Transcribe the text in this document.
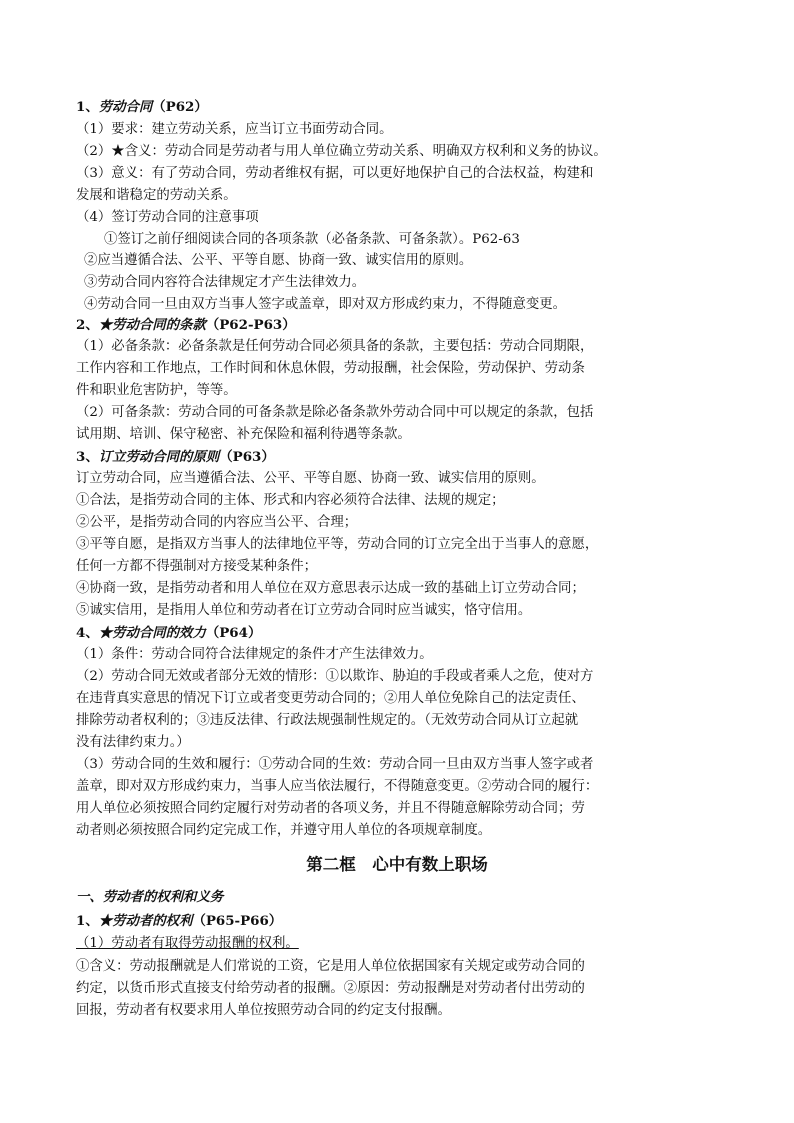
1、劳动合同（P62）
（1）要求：建立劳动关系，应当订立书面劳动合同。
（2）★含义：劳动合同是劳动者与用人单位确立劳动关系、明确双方权利和义务的协议。
（3）意义：有了劳动合同，劳动者维权有据，可以更好地保护自己的合法权益，构建和
发展和谐稳定的劳动关系。
（4）签订劳动合同的注意事项
①签订之前仔细阅读合同的各项条款（必备条款、可备条款）。P62-63
②应当遵循合法、公平、平等自愿、协商一致、诚实信用的原则。
③劳动合同内容符合法律规定才产生法律效力。
④劳动合同一旦由双方当事人签字或盖章，即对双方形成约束力，不得随意变更。
2、★劳动合同的条款（P62-P63）
（1）必备条款：必备条款是任何劳动合同必须具备的条款，主要包括：劳动合同期限，
工作内容和工作地点，工作时间和休息休假，劳动报酬，社会保险，劳动保护、劳动条
件和职业危害防护，等等。
（2）可备条款：劳动合同的可备条款是除必备条款外劳动合同中可以规定的条款，包括
试用期、培训、保守秘密、补充保险和福利待遇等条款。
3、订立劳动合同的原则（P63）
订立劳动合同，应当遵循合法、公平、平等自愿、协商一致、诚实信用的原则。
①合法，是指劳动合同的主体、形式和内容必须符合法律、法规的规定；
②公平，是指劳动合同的内容应当公平、合理；
③平等自愿，是指双方当事人的法律地位平等，劳动合同的订立完全出于当事人的意愿，
任何一方都不得强制对方接受某种条件；
④协商一致，是指劳动者和用人单位在双方意思表示达成一致的基础上订立劳动合同；
⑤诚实信用，是指用人单位和劳动者在订立劳动合同时应当诚实，恪守信用。
4、★劳动合同的效力（P64）
（1）条件：劳动合同符合法律规定的条件才产生法律效力。
（2）劳动合同无效或者部分无效的情形：①以欺诈、胁迫的手段或者乘人之危，使对方
在违背真实意思的情况下订立或者变更劳动合同的；②用人单位免除自己的法定责任、
排除劳动者权利的；③违反法律、行政法规强制性规定的。（无效劳动合同从订立起就
没有法律约束力。）
（3）劳动合同的生效和履行：①劳动合同的生效：劳动合同一旦由双方当事人签字或者
盖章，即对双方形成约束力，当事人应当依法履行，不得随意变更。②劳动合同的履行：
用人单位必须按照合同约定履行对劳动者的各项义务，并且不得随意解除劳动合同；劳
动者则必须按照合同约定完成工作，并遵守用人单位的各项规章制度。
第二框　心中有数上职场
一、劳动者的权利和义务
1、★劳动者的权利（P65-P66）
（1）劳动者有取得劳动报酬的权利。
①含义：劳动报酬就是人们常说的工资，它是用人单位依据国家有关规定或劳动合同的
约定，以货币形式直接支付给劳动者的报酬。②原因：劳动报酬是对劳动者付出劳动的
回报，劳动者有权要求用人单位按照劳动合同的约定支付报酬。
